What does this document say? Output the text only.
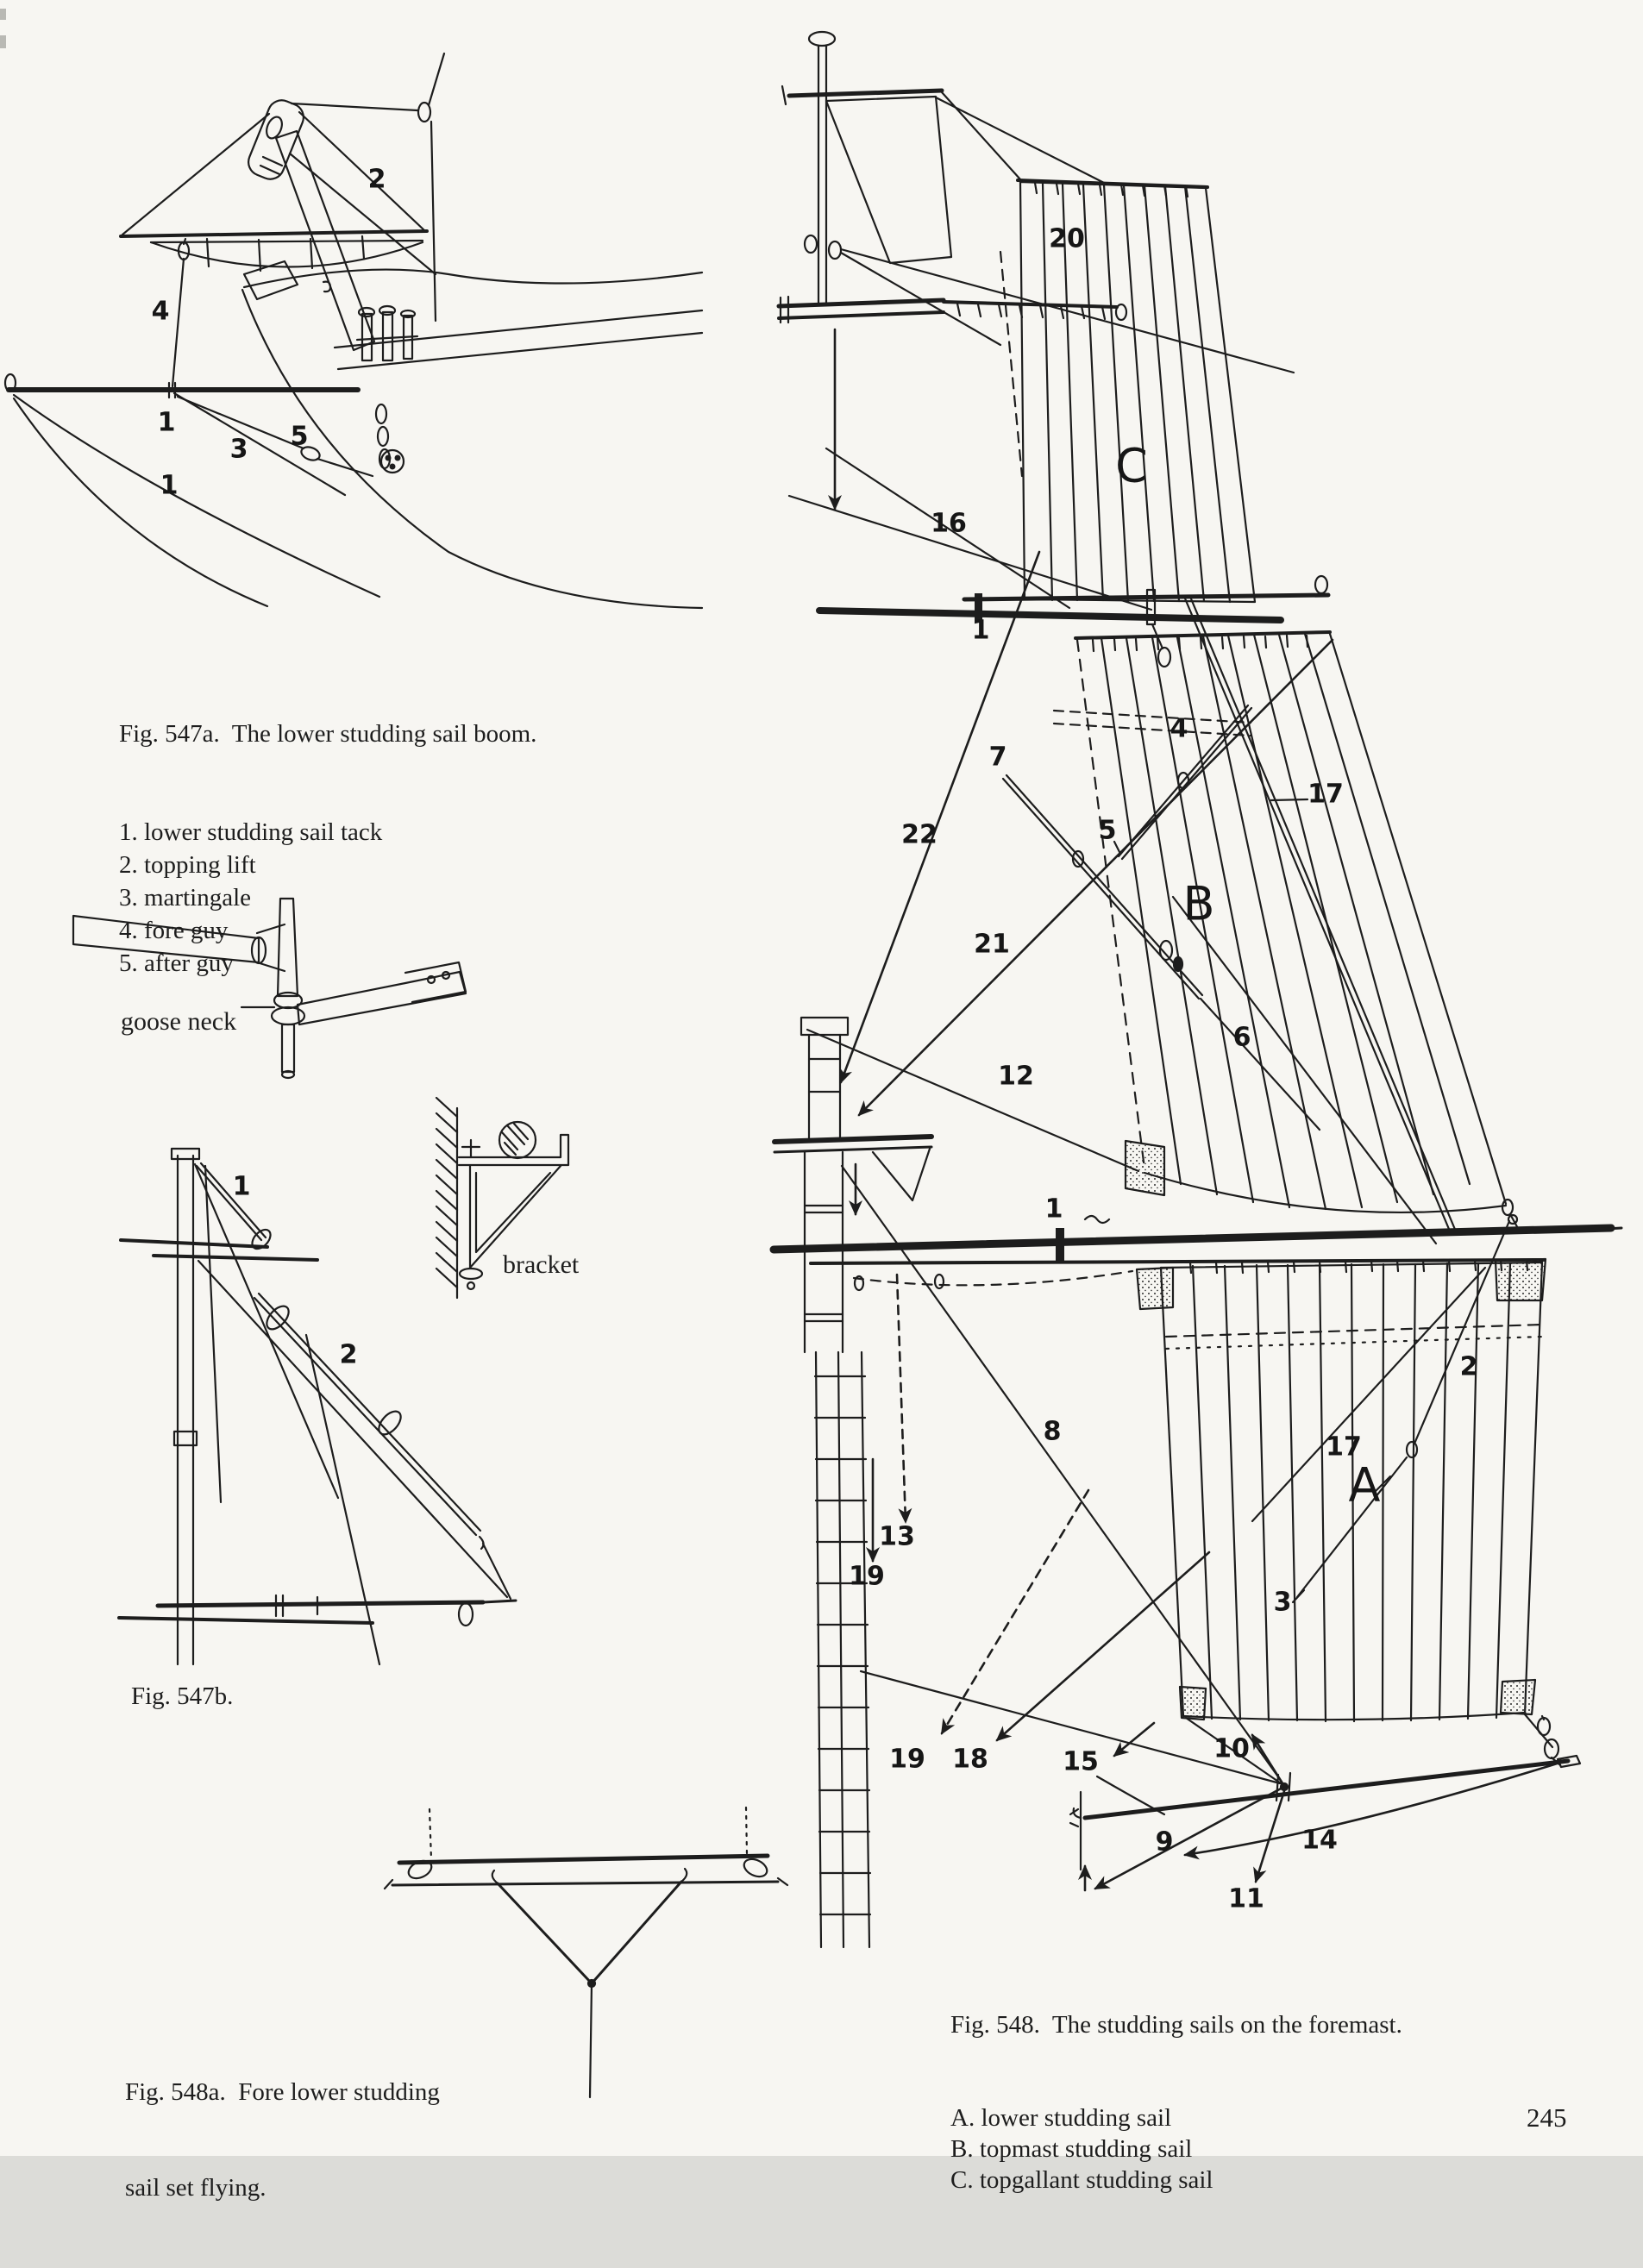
2
4
1	5
3
1
1
2
20
16
1
C
7
4
5
17
22
B
21
6
12
1
8
2
17
A
3
13
19
19 18	15	10
9	14
11

Fig. 547a.  The lower studding sail boom.

1. lower studding sail tack
2. topping lift
3. martingale
4. fore guy
5. after guy

goose neck
bracket
Fig. 547b.

Fig. 548a.  Fore lower studding

sail set flying.

Fig. 548.  The studding sails on the foremast.

A. lower studding sail
B. topmast studding sail
C. topgallant studding sail

245
